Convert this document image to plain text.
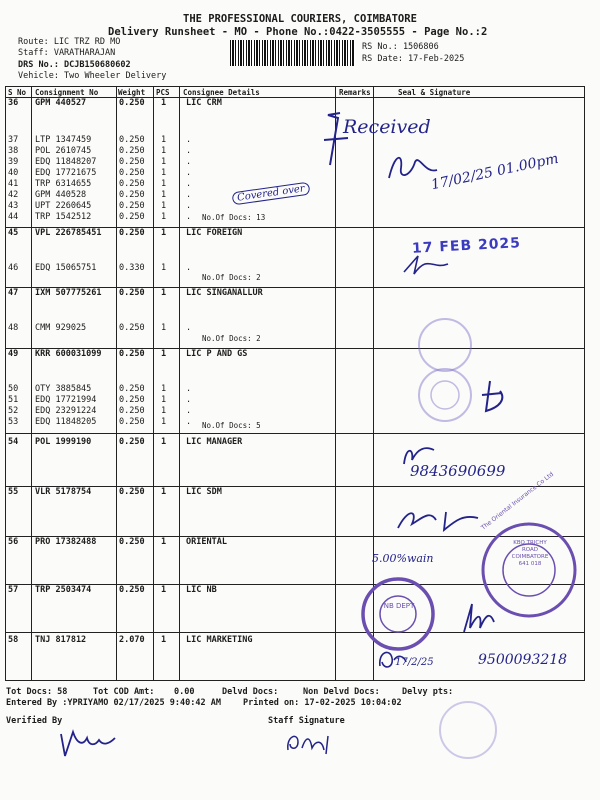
THE PROFESSIONAL COURIERS, COIMBATORE
Delivery Runsheet - MO - Phone No.:0422-3505555 - Page No.:2
Route: LIC TRZ RD MO
Staff: VARATHARAJAN
DRS No.: DCJB150680602
Vehicle: Two Wheeler Delivery
RS No.: 1506806
RS Date: 17-Feb-2025
S No Consignment No	Weight PCS Consignee Details	Remarks	Seal & Signature
36 GPM 440527	0.250 1 LIC CRM
37 LTP 1347459	0.250 1 .
38 POL 2610745	0.250 1 .
39 EDQ 11848207	0.250 1 .
40 EDQ 17721675	0.250 1 .
41 TRP 6314655	0.250 1 .
42 GPM 440528	0.250 1 .
43 UPT 2260645	0.250 1 .
44 TRP 1542512	0.250 1 .
45 VPL 226785451 0.250 1 LIC FOREIGN
46 EDQ 15065751	0.330 1 .
47 IXM 507775261 0.250 1 LIC SINGANALLUR
48 CMM 929025	0.250 1 .
49 KRR 600031099 0.250 1 LIC P AND GS
50 OTY 3885845	0.250 1 .
51 EDQ 17721994	0.250 1 .
52 EDQ 23291224	0.250 1 .
53 EDQ 11848205	0.250 1 .
54 POL 1999190	0.250 1 LIC MANAGER
55 VLR 5178754	0.250 1 LIC SDM
56 PRO 17382488	0.250 1 ORIENTAL
57 TRP 2503474	0.250 1 LIC NB
58 TNJ 817812	2.070 1 LIC MARKETING
No.Of Docs: 13
No.Of Docs: 2
No.Of Docs: 2
No.Of Docs: 5
Tot Docs: 58	Tot COD Amt: 0.00	Delvd Docs:	Non Delvd Docs:	Delvy pts:
Entered By :YPRIYAMO 02/17/2025 9:40:42 AM	Printed on: 17-02-2025 10:04:02
Verified By	Staff Signature
Received
17/02/25 01.00pm
Covered over
17 FEB 2025
9843690699
5.00%wain
KBO TRICHY ROAD COIMBATORE 641 018
The Oriental Insurance Co Ltd
NB DEPT
17/2/25	9500093218
